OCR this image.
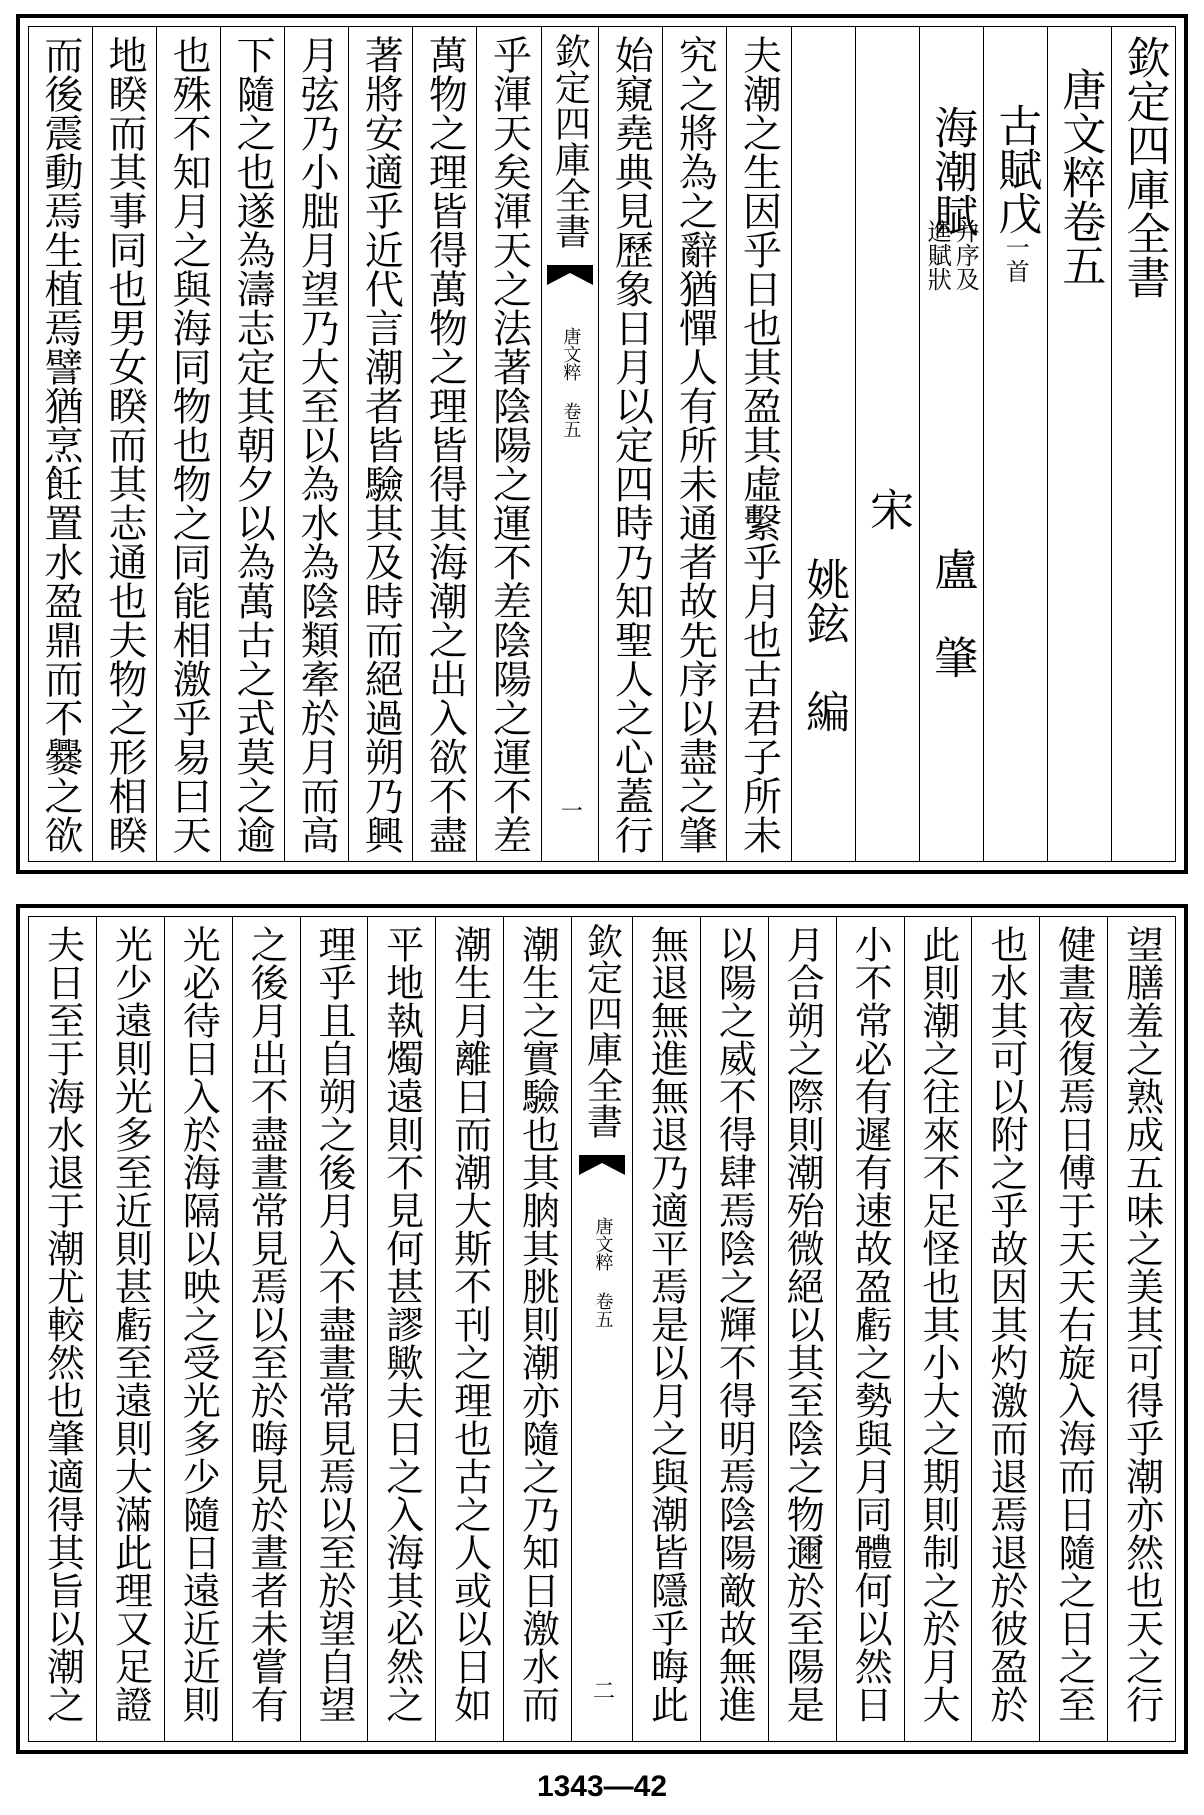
欽定四庫全書
唐文粹卷五
古賦戊一首
海潮賦
并序及
進賦狀
盧　肇
宋
姚鉉　編
夫潮之生因乎日也其盈其虛繫乎月也古君子所未
究之將為之辭猶憚人有所未通者故先序以盡之肇
始窺堯典見歷象日月以定四時乃知聖人之心蓋行
欽定四庫全書
唐文粹 卷五
一
乎渾天矣渾天之法著陰陽之運不差陰陽之運不差
萬物之理皆得萬物之理皆得其海潮之出入欲不盡
著將安適乎近代言潮者皆驗其及時而絕過朔乃興
月弦乃小朏月望乃大至以為水為陰類牽於月而高
下隨之也遂為濤志定其朝夕以為萬古之式莫之逾
也殊不知月之與海同物也物之同能相激乎易曰天
地睽而其事同也男女睽而其志通也夫物之形相睽
而後震動焉生植焉譬猶烹飪置水盈鼎而不爨之欲
望膳羞之熟成五味之美其可得乎潮亦然也天之行
健晝夜復焉日傅于天天右旋入海而日隨之日之至
也水其可以附之乎故因其灼激而退焉退於彼盈於
此則潮之往來不足怪也其小大之期則制之於月大
小不常必有遲有速故盈虧之勢與月同體何以然日
月合朔之際則潮殆微絕以其至陰之物邇於至陽是
以陽之威不得肆焉陰之輝不得明焉陰陽敵故無進
無退無進無退乃適平焉是以月之與潮皆隱乎晦此
欽定四庫全書
唐文粹 卷五
二
潮生之實驗也其朒其朓則潮亦隨之乃知日激水而
潮生月離日而潮大斯不刊之理也古之人或以日如
平地執燭遠則不見何甚謬歟夫日之入海其必然之
理乎且自朔之後月入不盡晝常見焉以至於望自望
之後月出不盡晝常見焉以至於晦見於晝者未嘗有
光必待日入於海隔以映之受光多少隨日遠近近則
光少遠則光多至近則甚虧至遠則大滿此理又足證
夫日至于海水退于潮尤較然也肇適得其旨以潮之
1343—42
